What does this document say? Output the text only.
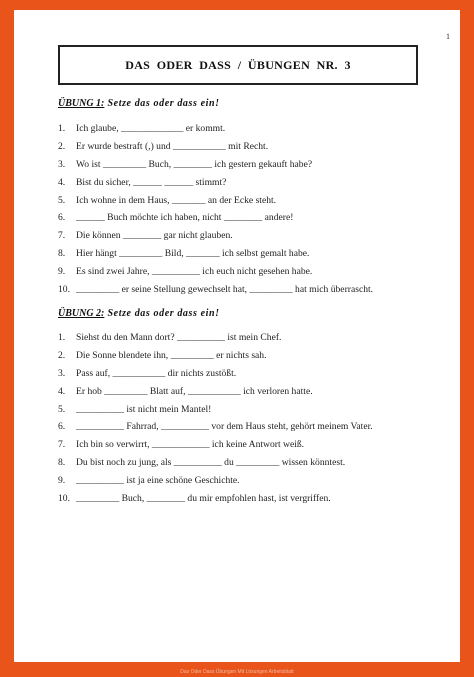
1
DAS  ODER  DASS  /  ÜBUNGEN  NR.  3
ÜBUNG 1: Setze das oder dass ein!
1.	Ich glaube, _____________ er kommt.
2.	Er wurde bestraft (,) und ___________ mit Recht.
3.	Wo ist _________ Buch, ________ ich gestern gekauft habe?
4.	Bist du sicher, ______ ______ stimmt?
5.	Ich wohne in dem Haus, _______ an der Ecke steht.
6.	______ Buch möchte ich haben, nicht ________ andere!
7.	Die können ________ gar nicht glauben.
8.	Hier hängt _________ Bild, _______ ich selbst gemalt habe.
9.	Es sind zwei Jahre, __________ ich euch nicht gesehen habe.
10. _________ er seine Stellung gewechselt hat, _________ hat mich überrascht.
ÜBUNG 2: Setze das oder dass ein!
1.	Siehst du den Mann dort? __________ ist mein Chef.
2.	Die Sonne blendete ihn, _________ er nichts sah.
3.	Pass auf, ___________ dir nichts zustößt.
4.	Er hob _________ Blatt auf, ___________ ich verloren hatte.
5.	__________ ist nicht mein Mantel!
6.	__________ Fahrrad, __________ vor dem Haus steht, gehört meinem Vater.
7.	Ich bin so verwirrt, ____________ ich keine Antwort weiß.
8.	Du bist noch zu jung, als __________ du _________ wissen könntest.
9.	__________ ist ja eine schöne Geschichte.
10. _________ Buch, ________ du mir empfohlen hast, ist vergriffen.
Das Oder Dass Übungen Mit Lösungen Arbeitsblatt
